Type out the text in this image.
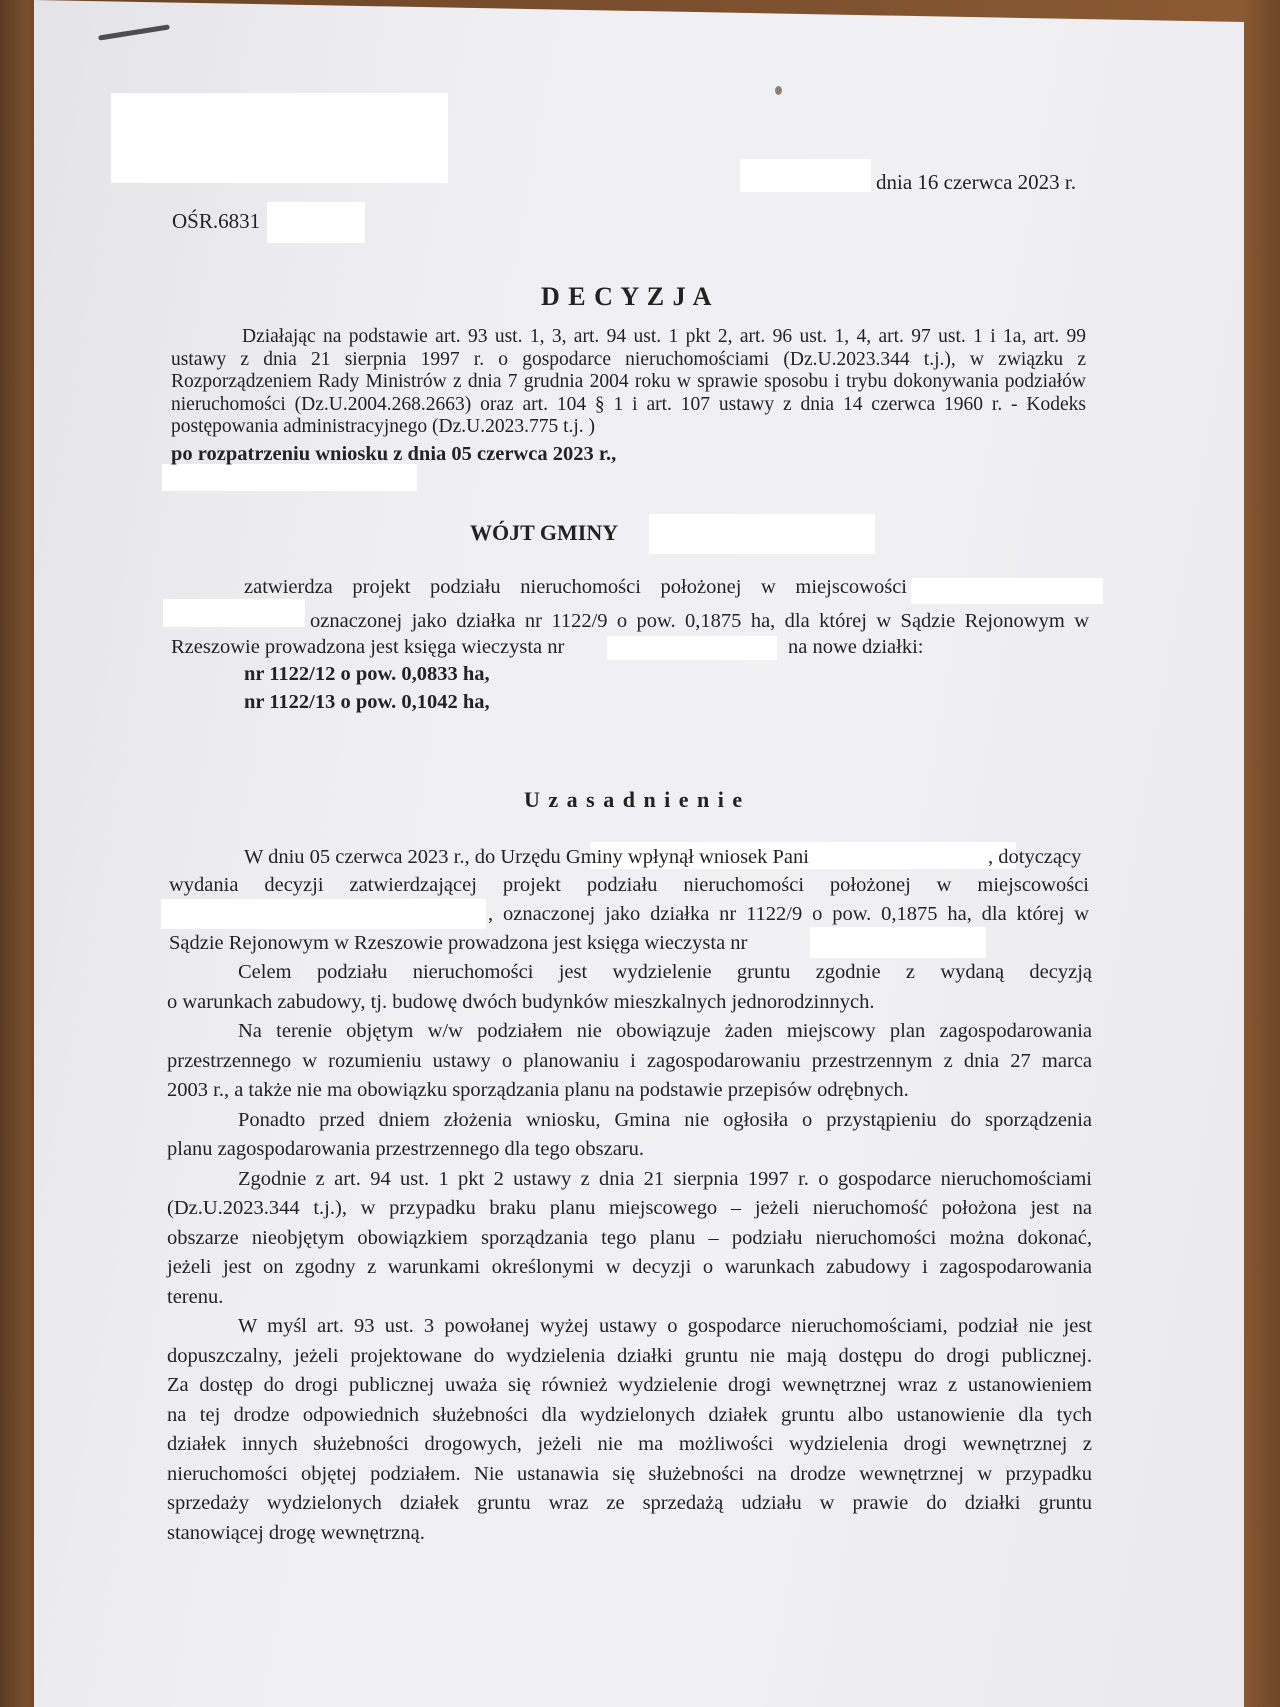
dnia 16 czerwca 2023 r.
OŚR.6831
D E C Y Z J A
Działając na podstawie art. 93 ust. 1, 3, art. 94 ust. 1 pkt 2, art. 96 ust. 1, 4, art. 97 ust. 1 i 1a, art. 99
ustawy z dnia 21 sierpnia 1997 r. o gospodarce nieruchomościami (Dz.U.2023.344 t.j.), w związku z
Rozporządzeniem Rady Ministrów z dnia 7 grudnia 2004 roku w sprawie sposobu i trybu dokonywania podziałów
nieruchomości (Dz.U.2004.268.2663) oraz art. 104 § 1 i art. 107 ustawy z dnia 14 czerwca 1960 r. - Kodeks
postępowania administracyjnego (Dz.U.2023.775 t.j. )
po rozpatrzeniu wniosku z dnia 05 czerwca 2023 r.,
WÓJT GMINY
zatwierdza projekt podziału nieruchomości położonej w miejscowości
oznaczonej jako działka nr 1122/9 o pow. 0,1875 ha, dla której w Sądzie Rejonowym w
Rzeszowie prowadzona jest księga wieczysta nr	na nowe działki:
nr 1122/12 o pow. 0,0833 ha,
nr 1122/13 o pow. 0,1042 ha,
U z a s a d n i e n i e
W dniu 05 czerwca 2023 r., do Urzędu Gminy wpłynął wniosek Pani	, dotyczący
wydania decyzji zatwierdzającej projekt podziału nieruchomości położonej w miejscowości
, oznaczonej jako działka nr 1122/9 o pow. 0,1875 ha, dla której w
Sądzie Rejonowym w Rzeszowie prowadzona jest księga wieczysta nr
Celem podziału nieruchomości jest wydzielenie gruntu zgodnie z wydaną decyzją
o warunkach zabudowy, tj. budowę dwóch budynków mieszkalnych jednorodzinnych.
Na terenie objętym w/w podziałem nie obowiązuje żaden miejscowy plan zagospodarowania
przestrzennego w rozumieniu ustawy o planowaniu i zagospodarowaniu przestrzennym z dnia 27 marca
2003 r., a także nie ma obowiązku sporządzania planu na podstawie przepisów odrębnych.
Ponadto przed dniem złożenia wniosku, Gmina nie ogłosiła o przystąpieniu do sporządzenia
planu zagospodarowania przestrzennego dla tego obszaru.
Zgodnie z art. 94 ust. 1 pkt 2 ustawy z dnia 21 sierpnia 1997 r. o gospodarce nieruchomościami
(Dz.U.2023.344 t.j.), w przypadku braku planu miejscowego – jeżeli nieruchomość położona jest na
obszarze nieobjętym obowiązkiem sporządzania tego planu – podziału nieruchomości można dokonać,
jeżeli jest on zgodny z warunkami określonymi w decyzji o warunkach zabudowy i zagospodarowania
terenu.
W myśl art. 93 ust. 3 powołanej wyżej ustawy o gospodarce nieruchomościami, podział nie jest
dopuszczalny, jeżeli projektowane do wydzielenia działki gruntu nie mają dostępu do drogi publicznej.
Za dostęp do drogi publicznej uważa się również wydzielenie drogi wewnętrznej wraz z ustanowieniem
na tej drodze odpowiednich służebności dla wydzielonych działek gruntu albo ustanowienie dla tych
działek innych służebności drogowych, jeżeli nie ma możliwości wydzielenia drogi wewnętrznej z
nieruchomości objętej podziałem. Nie ustanawia się służebności na drodze wewnętrznej w przypadku
sprzedaży wydzielonych działek gruntu wraz ze sprzedażą udziału w prawie do działki gruntu
stanowiącej drogę wewnętrzną.
